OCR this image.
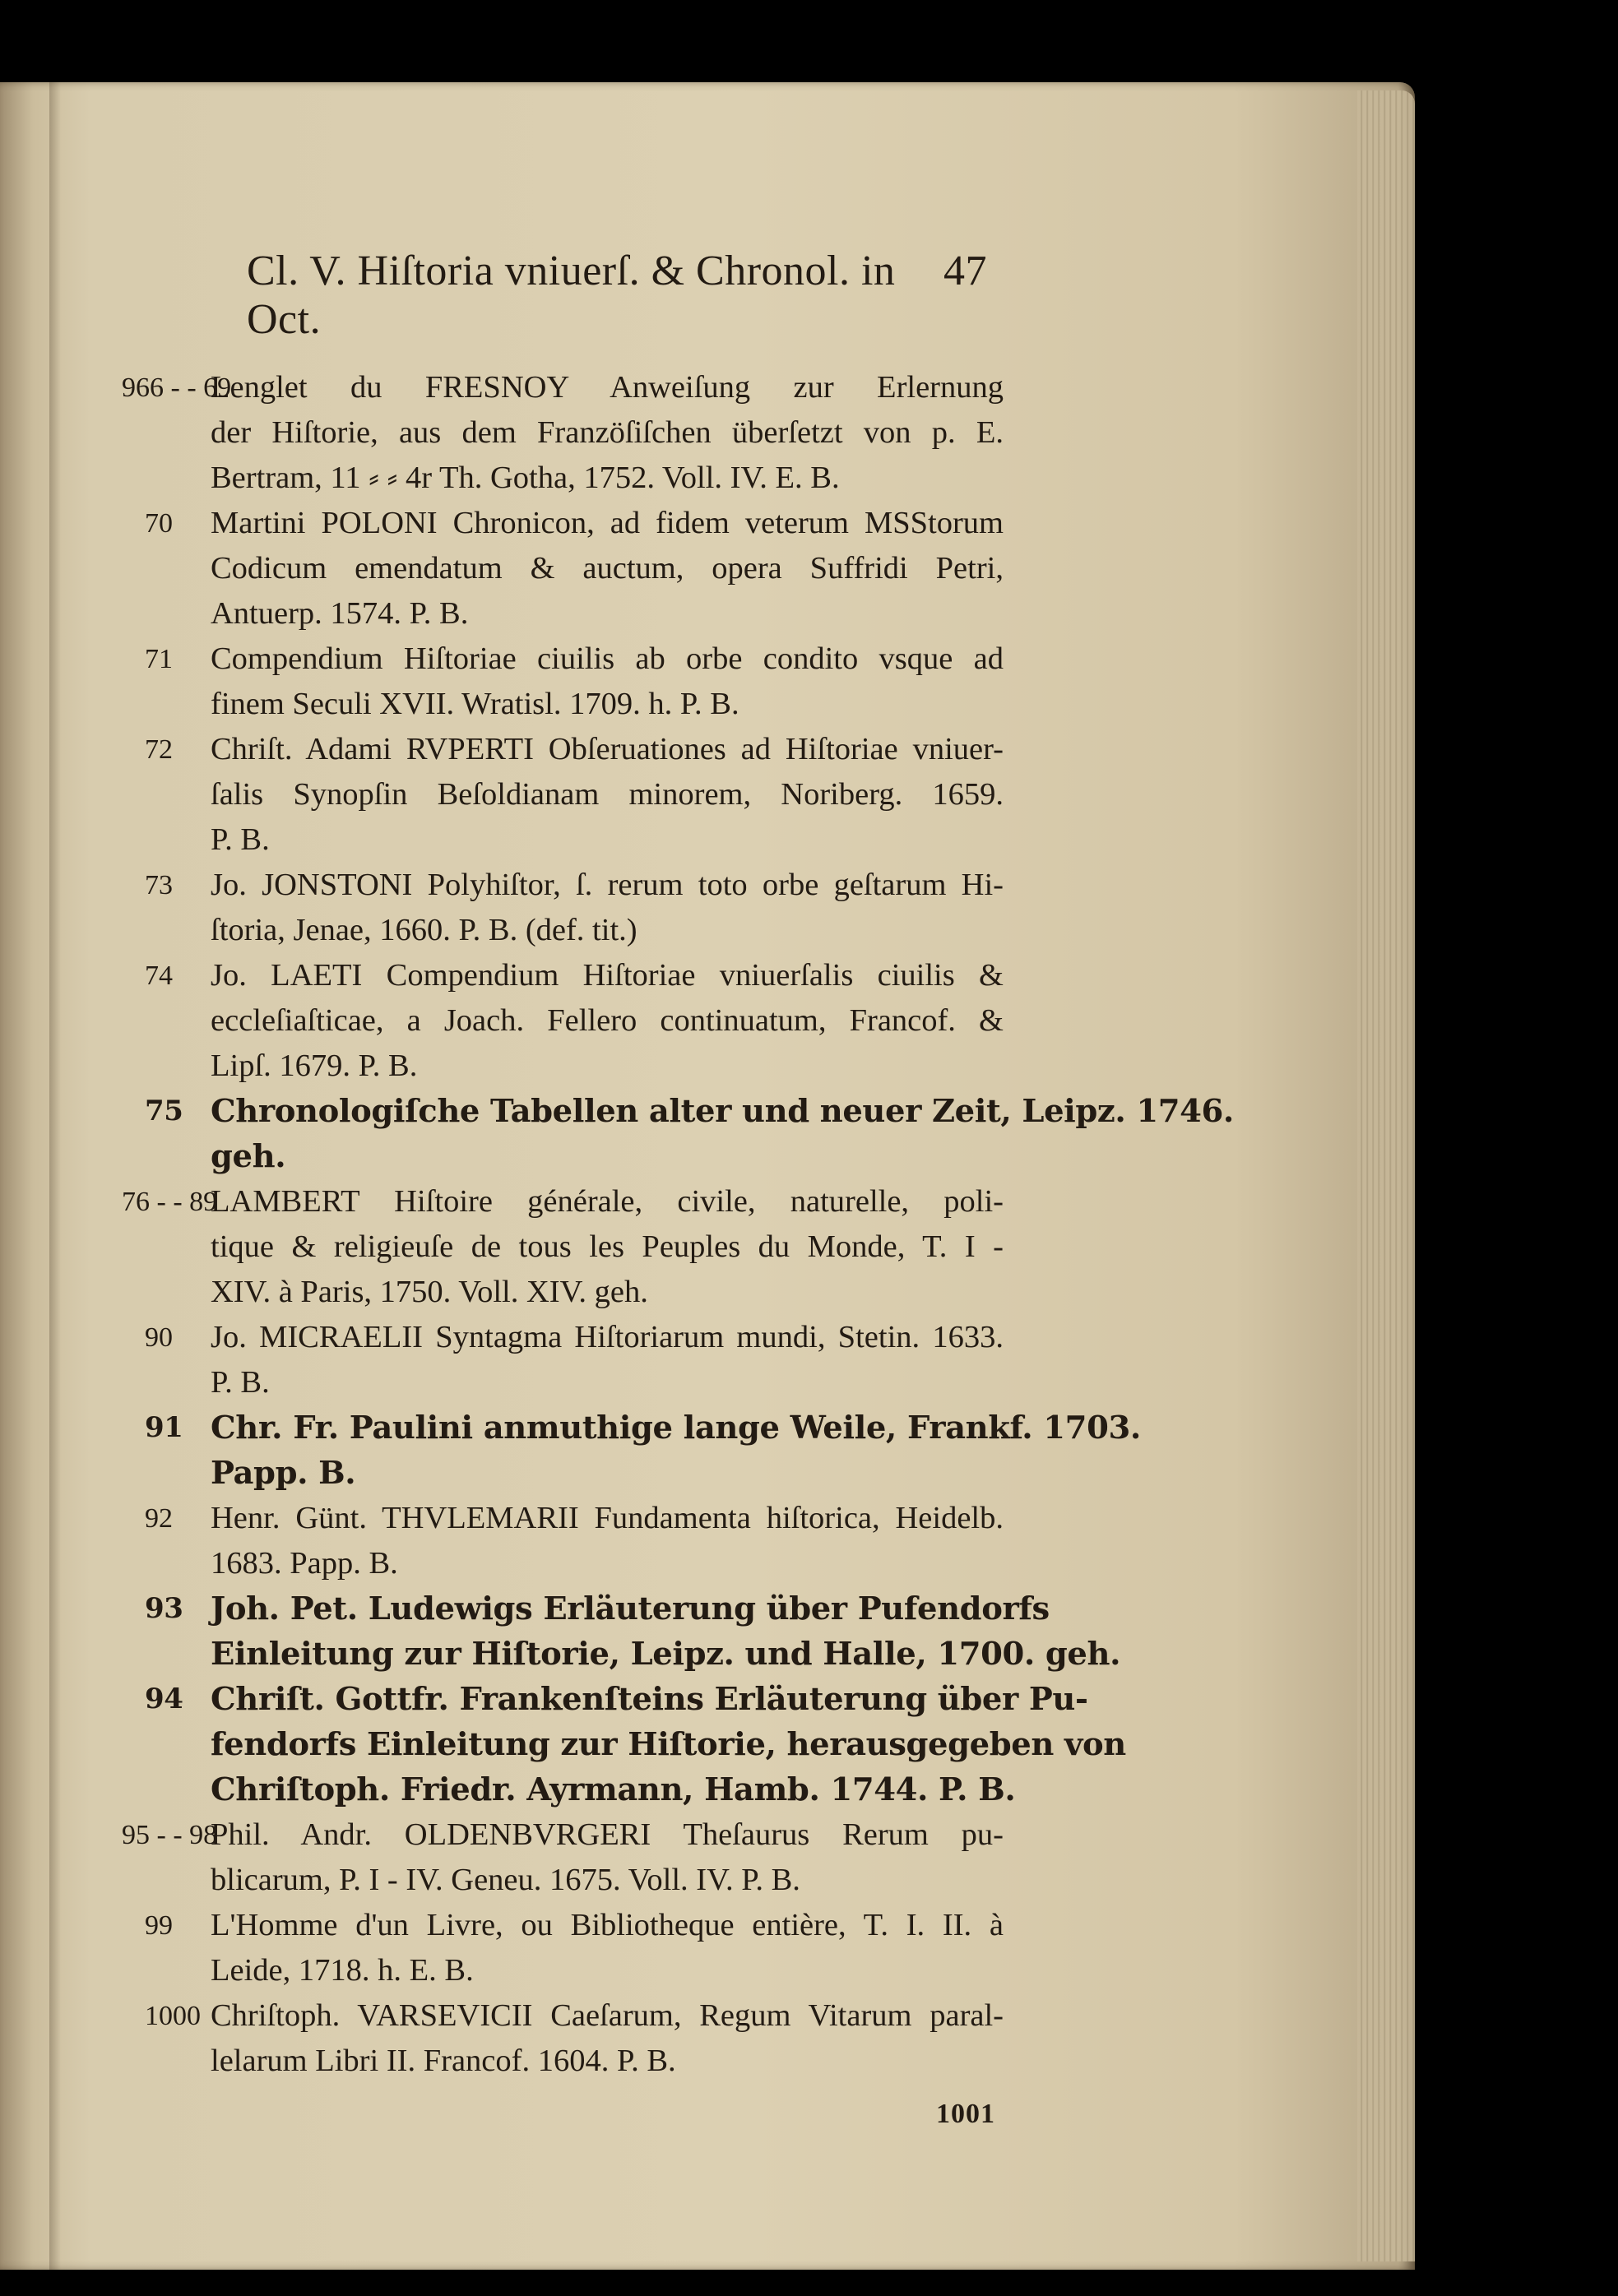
Cl. V. Hiſtoria vniuerſ. & Chronol. in Oct.
47
966 - - 69
Lenglet du FRESNOY Anweiſung zur Erlernung
der Hiſtorie, aus dem Franzöſiſchen überſetzt von p. E.
Bertram, 11 ⸗ ⸗ 4r Th. Gotha, 1752. Voll. IV. E. B.
70 Martini POLONI Chronicon, ad fidem veterum MSStorum
Codicum emendatum & auctum, opera Suffridi Petri,
Antuerp. 1574. P. B.
71 Compendium Hiſtoriae ciuilis ab orbe condito vsque ad
finem Seculi XVII. Wratisl. 1709. h. P. B.
72 Chriſt. Adami RVPERTI Obſeruationes ad Hiſtoriae vniuer-
ſalis Synopſin Beſoldianam minorem, Noriberg. 1659.
P. B.
73 Jo. JONSTONI Polyhiſtor, ſ. rerum toto orbe geſtarum Hi-
ſtoria, Jenae, 1660. P. B. (def. tit.)
74 Jo. LAETI Compendium Hiſtoriae vniuerſalis ciuilis &
eccleſiaſticae, a Joach. Fellero continuatum, Francof. &
Lipſ. 1679. P. B.
75 Chronologiſche Tabellen alter und neuer Zeit, Leipz. 1746.
geh.
76 - - 89
LAMBERT Hiſtoire générale, civile, naturelle, poli-
tique & religieuſe de tous les Peuples du Monde, T. I -
XIV. à Paris, 1750. Voll. XIV. geh.
90 Jo. MICRAELII Syntagma Hiſtoriarum mundi, Stetin. 1633.
P. B.
91 Chr. Fr. Paulini anmuthige lange Weile, Frankf. 1703.
Papp. B.
92 Henr. Günt. THVLEMARII Fundamenta hiſtorica, Heidelb.
1683. Papp. B.
93 Joh. Pet. Ludewigs Erläuterung über Pufendorfs
Einleitung zur Hiſtorie, Leipz. und Halle, 1700. geh.
94 Chriſt. Gottfr. Frankenſteins Erläuterung über Pu-
fendorfs Einleitung zur Hiſtorie, herausgegeben von
Chriſtoph. Friedr. Ayrmann, Hamb. 1744. P. B.
95 - - 98
Phil. Andr. OLDENBVRGERI Theſaurus Rerum pu-
blicarum, P. I - IV. Geneu. 1675. Voll. IV. P. B.
99 L'Homme d'un Livre, ou Bibliotheque entière, T. I. II. à
Leide, 1718. h. E. B.
1000 Chriſtoph. VARSEVICII Caeſarum, Regum Vitarum paral-
lelarum Libri II. Francof. 1604. P. B.
1001
